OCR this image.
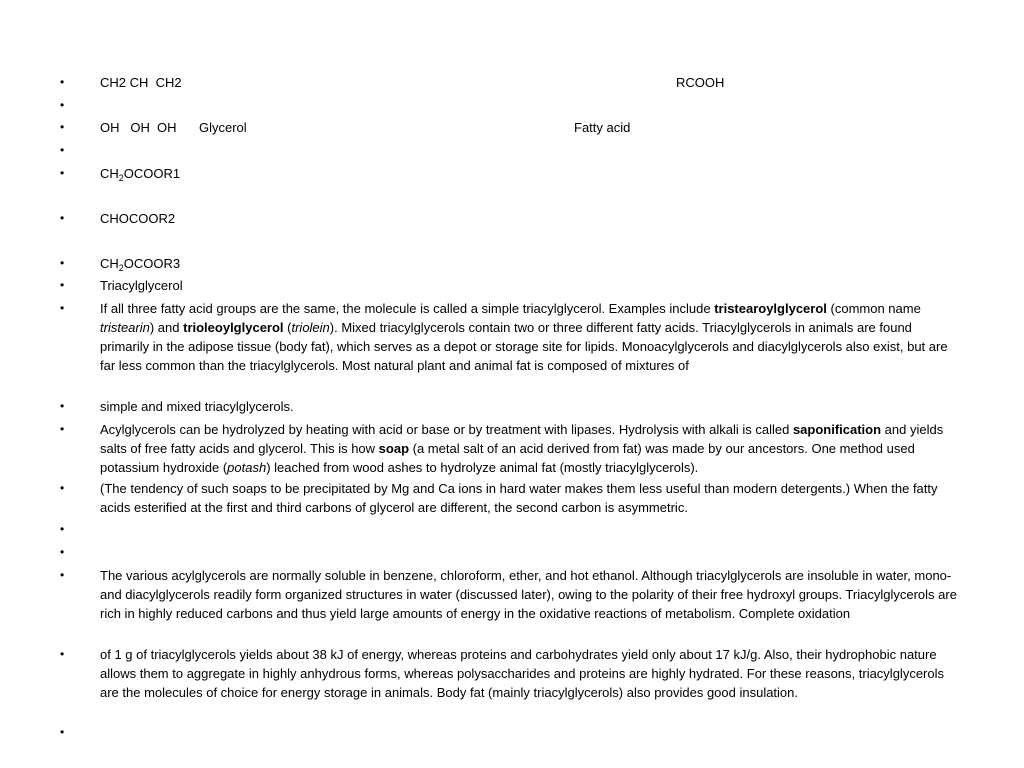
•	CH2 CH  CH2	RCOOH
•
•	OH   OH  OH	Glycerol	Fatty acid
•
•	$CH_2OCOOR1$
•	CHOCOOR2
•	$CH_2OCOOR3$
•	Triacylglycerol
•	If all three fatty acid groups are the same, the molecule is called a simple triacylglycerol. Examples include tristearoylglycerol (common name tristearin) and trioleoylglycerol (triolein). Mixed triacylglycerols contain two or three different fatty acids. Triacylglycerols in animals are found primarily in the adipose tissue (body fat), which serves as a depot or storage site for lipids. Monoacylglycerols and diacylglycerols also exist, but are far less common than the triacylglycerols. Most natural plant and animal fat is composed of mixtures of
•	simple and mixed triacylglycerols.
•	Acylglycerols can be hydrolyzed by heating with acid or base or by treatment with lipases. Hydrolysis with alkali is called saponification and yields salts of free fatty acids and glycerol. This is how soap (a metal salt of an acid derived from fat) was made by our ancestors. One method used potassium hydroxide (potash) leached from wood ashes to hydrolyze animal fat (mostly triacylglycerols).
•	(The tendency of such soaps to be precipitated by Mg and Ca ions in hard water makes them less useful than modern detergents.) When the fatty acids esterified at the first and third carbons of glycerol are different, the second carbon is asymmetric.
•
•
•	The various acylglycerols are normally soluble in benzene, chloroform, ether, and hot ethanol. Although triacylglycerols are insoluble in water, mono- and diacylglycerols readily form organized structures in water (discussed later), owing to the polarity of their free hydroxyl groups. Triacylglycerols are rich in highly reduced carbons and thus yield large amounts of energy in the oxidative reactions of metabolism. Complete oxidation
•	of 1 g of triacylglycerols yields about 38 kJ of energy, whereas proteins and carbohydrates yield only about 17 kJ/g. Also, their hydrophobic nature allows them to aggregate in highly anhydrous forms, whereas polysaccharides and proteins are highly hydrated. For these reasons, triacylglycerols are the molecules of choice for energy storage in animals. Body fat (mainly triacylglycerols) also provides good insulation.
•
